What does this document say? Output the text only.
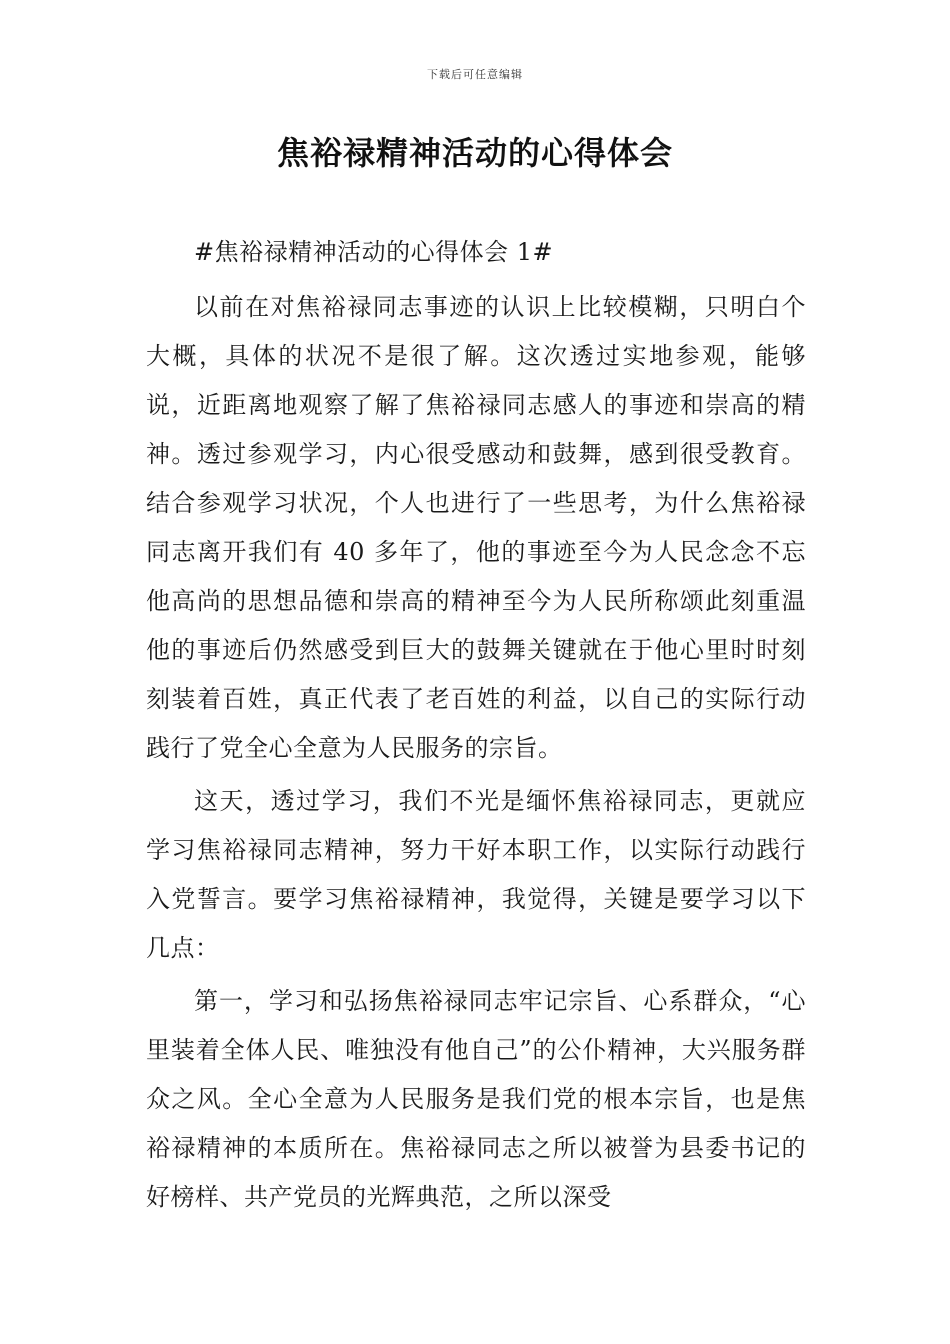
下载后可任意编辑
焦裕禄精神活动的心得体会

#焦裕禄精神活动的心得体会 1#

以前在对焦裕禄同志事迹的认识上比较模糊，只明白个大概，具体的状况不是很了解。这次透过实地参观，能够说，近距离地观察了解了焦裕禄同志感人的事迹和崇高的精神。透过参观学习，内心很受感动和鼓舞，感到很受教育。结合参观学习状况，个人也进行了一些思考，为什么焦裕禄同志离开我们有 40 多年了，他的事迹至今为人民念念不忘他高尚的思想品德和崇高的精神至今为人民所称颂此刻重温他的事迹后仍然感受到巨大的鼓舞关键就在于他心里时时刻刻装着百姓，真正代表了老百姓的利益，以自己的实际行动践行了党全心全意为人民服务的宗旨。

这天，透过学习，我们不光是缅怀焦裕禄同志，更就应学习焦裕禄同志精神，努力干好本职工作，以实际行动践行入党誓言。要学习焦裕禄精神，我觉得，关键是要学习以下几点：

第一，学习和弘扬焦裕禄同志牢记宗旨、心系群众，“心里装着全体人民、唯独没有他自己”的公仆精神，大兴服务群众之风。全心全意为人民服务是我们党的根本宗旨，也是焦裕禄精神的本质所在。焦裕禄同志之所以被誉为县委书记的好榜样、共产党员的光辉典范，之所以深受
